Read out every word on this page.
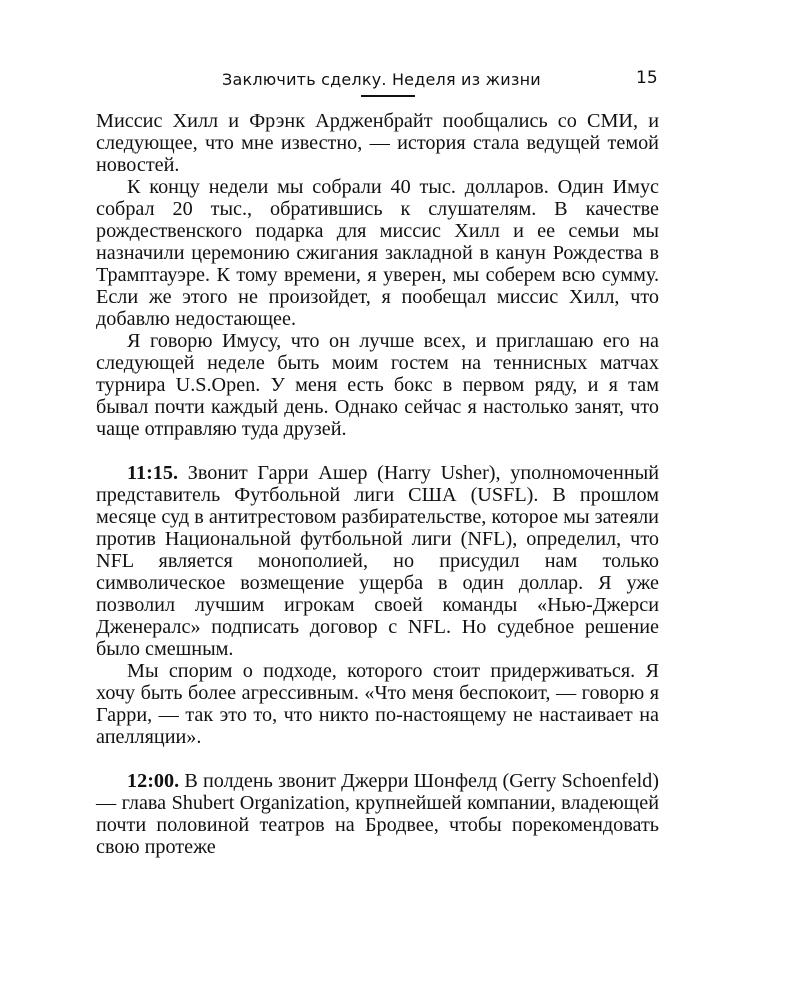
Заключить сделку. Неделя из жизни	15

Миссис Хилл и Фрэнк Арджeнбрайт пообщались со СМИ, и следующее, что мне известно, — история стала ведущей темой новостей.

К концу недели мы собрали 40 тыс. долларов. Один Имус собрал 20 тыс., обратившись к слушателям. В качестве рождественского подарка для миссис Хилл и ее семьи мы назначили церемонию сжигания закладной в канун Рождества в Трамптауэре. К тому времени, я уверен, мы соберем всю сумму. Если же этого не произойдет, я пообещал миссис Хилл, что добавлю недостающее.

Я говорю Имусу, что он лучше всех, и приглашаю его на следующей неделе быть моим гостем на теннисных матчах турнира U.S.Open. У меня есть бокс в первом ряду, и я там бывал почти каждый день. Однако сейчас я настолько занят, что чаще отправляю туда друзей.

11:15. Звонит Гарри Ашер (Harry Usher), уполномоченный представитель Футбольной лиги США (USFL). В прошлом месяце суд в антитрестовом разбирательстве, которое мы затеяли против Национальной футбольной лиги (NFL), определил, что NFL является монополией, но присудил нам только символическое возмещение ущерба в один доллар. Я уже позволил лучшим игрокам своей команды «Нью-Джерси Дженералс» подписать договор с NFL. Но судебное решение было смешным.

Мы спорим о подходе, которого стоит придерживаться. Я хочу быть более агрессивным. «Что меня беспокоит, — говорю я Гарри, — так это то, что никто по-настоящему не настаивает на апелляции».

12:00. В полдень звонит Джерри Шонфелд (Gerry Schoenfeld) — глава Shubert Organization, крупнейшей компании, владеющей почти половиной театров на Бродвее, чтобы порекомендовать свою протеже
